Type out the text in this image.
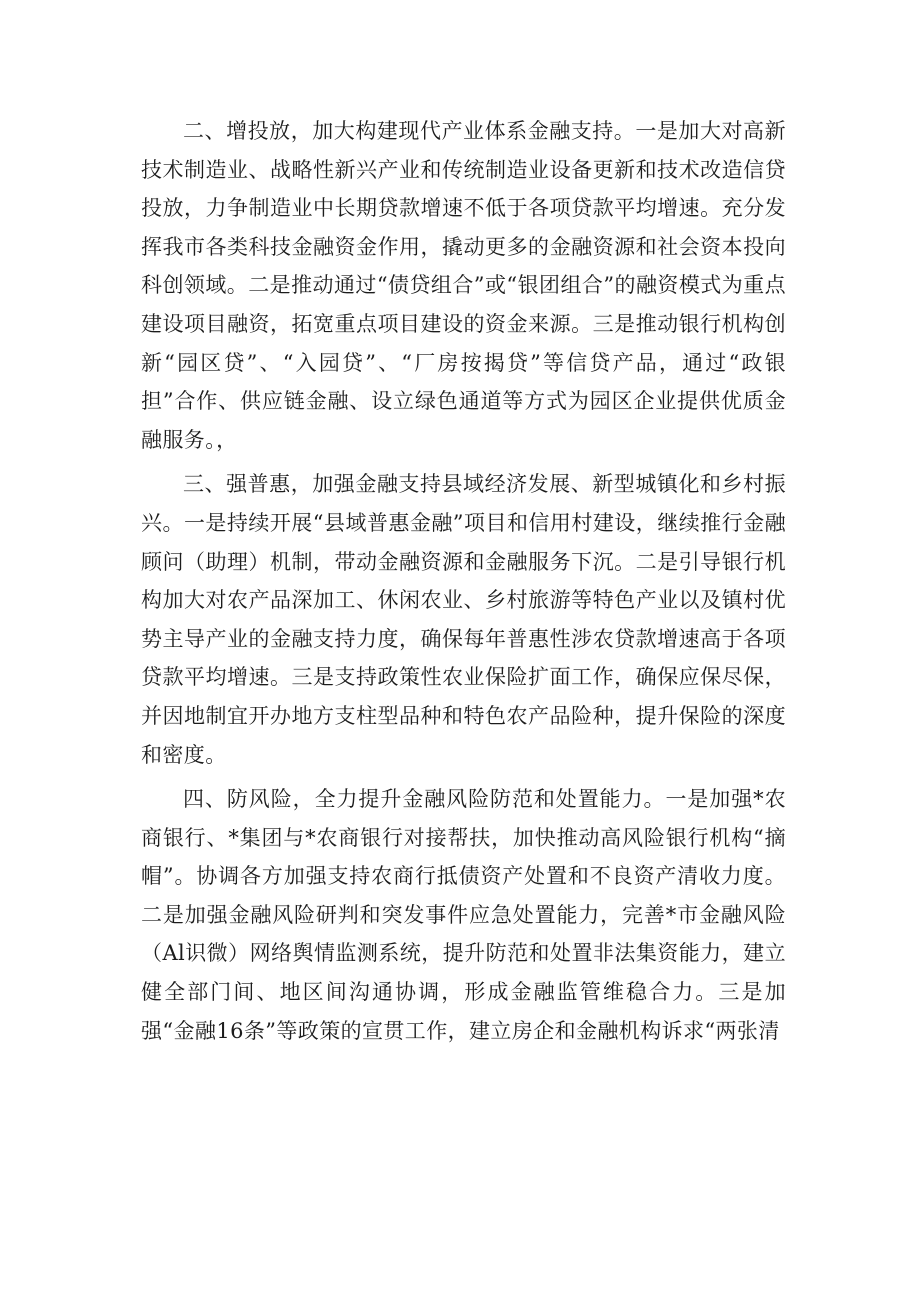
二、增投放，加大构建现代产业体系金融支持。一是加大对高新技术制造业、战略性新兴产业和传统制造业设备更新和技术改造信贷投放，力争制造业中长期贷款增速不低于各项贷款平均增速。充分发挥我市各类科技金融资金作用，撬动更多的金融资源和社会资本投向科创领域。二是推动通过“债贷组合”或“银团组合”的融资模式为重点建设项目融资，拓宽重点项目建设的资金来源。三是推动银行机构创新“园区贷”、“入园贷”、“厂房按揭贷”等信贷产品，通过“政银担”合作、供应链金融、设立绿色通道等方式为园区企业提供优质金融服务。，

三、强普惠，加强金融支持县域经济发展、新型城镇化和乡村振兴。一是持续开展“县域普惠金融”项目和信用村建设，继续推行金融顾问（助理）机制，带动金融资源和金融服务下沉。二是引导银行机构加大对农产品深加工、休闲农业、乡村旅游等特色产业以及镇村优势主导产业的金融支持力度，确保每年普惠性涉农贷款增速高于各项贷款平均增速。三是支持政策性农业保险扩面工作，确保应保尽保，并因地制宜开办地方支柱型品种和特色农产品险种，提升保险的深度和密度。

四、防风险，全力提升金融风险防范和处置能力。一是加强*农商银行、*集团与*农商银行对接帮扶，加快推动高风险银行机构“摘帽”。协调各方加强支持农商行抵债资产处置和不良资产清收力度。二是加强金融风险研判和突发事件应急处置能力，完善*市金融风险（Al识微）网络舆情监测系统，提升防范和处置非法集资能力，建立健全部门间、地区间沟通协调，形成金融监管维稳合力。三是加强“金融16条”等政策的宣贯工作，建立房企和金融机构诉求“两张清
